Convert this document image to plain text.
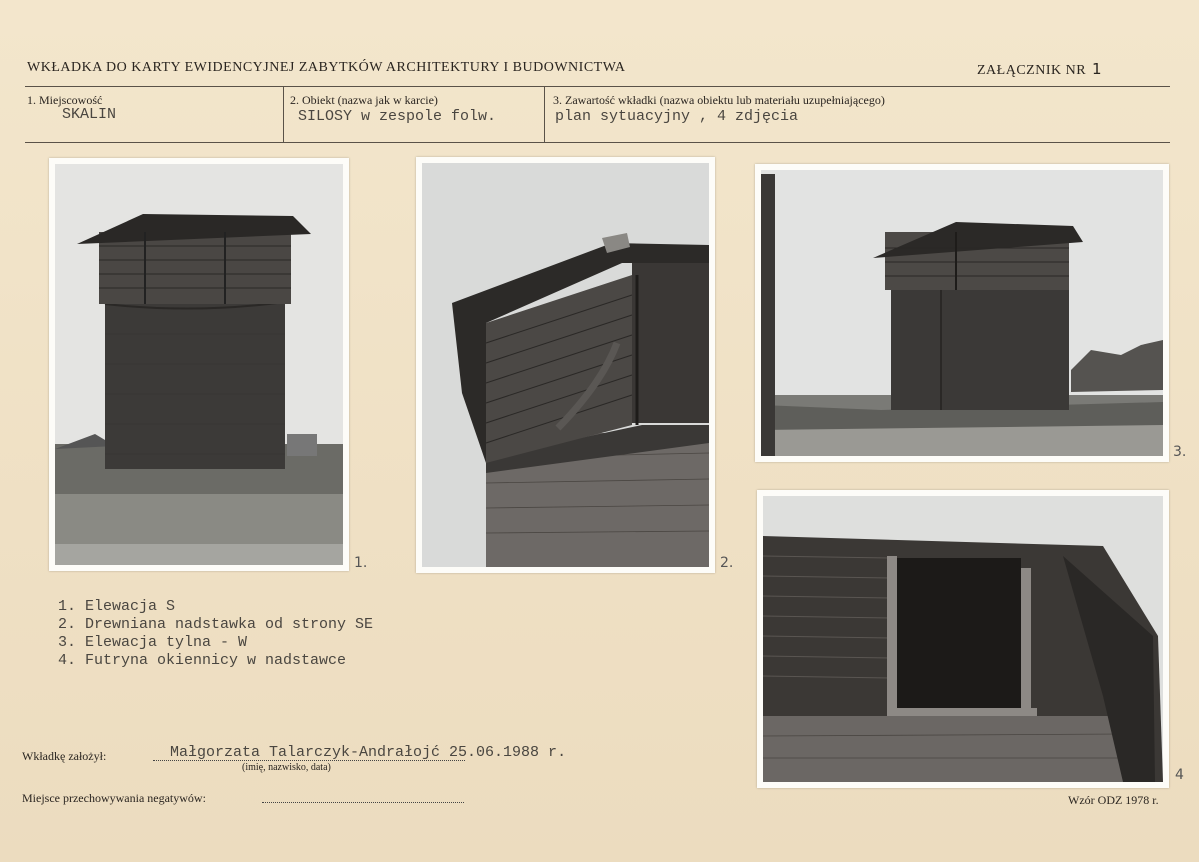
WKŁADKA DO KARTY EWIDENCYJNEJ ZABYTKÓW ARCHITEKTURY I BUDOWNICTWA	ZAŁĄCZNIK NR 1
1. Miejscowość
SKALIN
2. Obiekt (nazwa jak w karcie)
SILOSY w zespole folw.
3. Zawartość wkładki (nazwa obiektu lub materiału uzupełniającego)
plan sytuacyjny , 4 zdjęcia
1.	2.
3.
4
1. Elewacja S
2. Drewniana nadstawka od strony SE
3. Elewacja tylna - W
4. Futryna okiennicy w nadstawce
Wkładkę założył:	Małgorzata Talarczyk-Andrałojć 25.06.1988 r.
(imię, nazwisko, data)
Miejsce przechowywania negatywów:	Wzór ODZ 1978 r.
